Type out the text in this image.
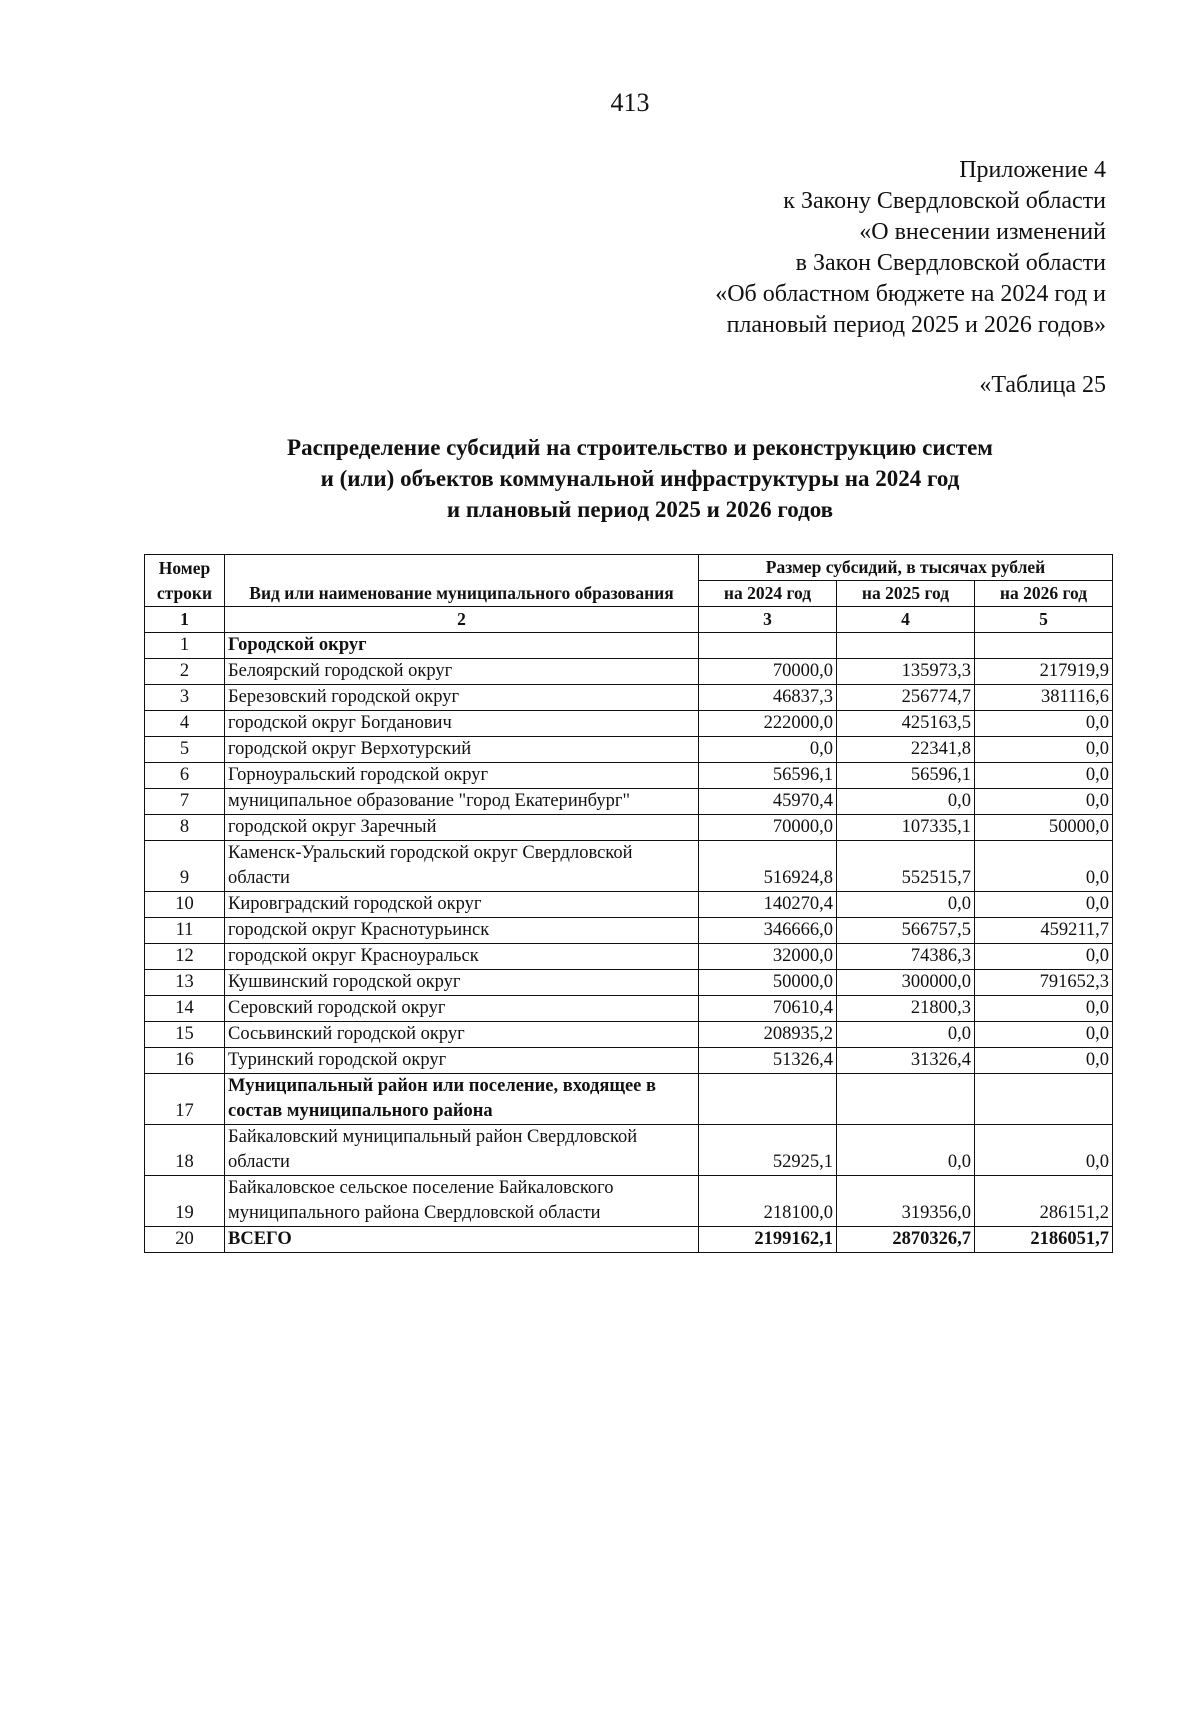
413
Приложение 4
к Закону Свердловской области
«О внесении изменений
в Закон Свердловской области
«Об областном бюджете на 2024 год и
плановый период 2025 и 2026 годов»
«Таблица 25
Распределение субсидий на строительство и реконструкцию систем
и (или) объектов коммунальной инфраструктуры на 2024 год
и плановый период 2025 и 2026 годов
Номер строки	Вид или наименование муниципального образования	Размер субсидий, в тысячах рублей		
		на 2024 год	на 2025 год	на 2026 год
1	2	3	4	5
1	Городской округ			
2	Белоярский городской округ	70000,0	135973,3	217919,9
3	Березовский городской округ	46837,3	256774,7	381116,6
4	городской округ Богданович	222000,0	425163,5	0,0
5	городской округ Верхотурский	0,0	22341,8	0,0
6	Горноуральский городской округ	56596,1	56596,1	0,0
7	муниципальное образование "город Екатеринбург"	45970,4	0,0	0,0
8	городской округ Заречный	70000,0	107335,1	50000,0
9	Каменск-Уральский городской округ Свердловской области	516924,8	552515,7	0,0
10	Кировградский городской округ	140270,4	0,0	0,0
11	городской округ Краснотурьинск	346666,0	566757,5	459211,7
12	городской округ Красноуральск	32000,0	74386,3	0,0
13	Кушвинский городской округ	50000,0	300000,0	791652,3
14	Серовский городской округ	70610,4	21800,3	0,0
15	Сосьвинский городской округ	208935,2	0,0	0,0
16	Туринский городской округ	51326,4	31326,4	0,0
17	Муниципальный район или поселение, входящее в состав муниципального района			
18	Байкаловский муниципальный район Свердловской области	52925,1	0,0	0,0
19	Байкаловское сельское поселение Байкаловского муниципального района Свердловской области	218100,0	319356,0	286151,2
20	ВСЕГО	2199162,1	2870326,7	2186051,7
